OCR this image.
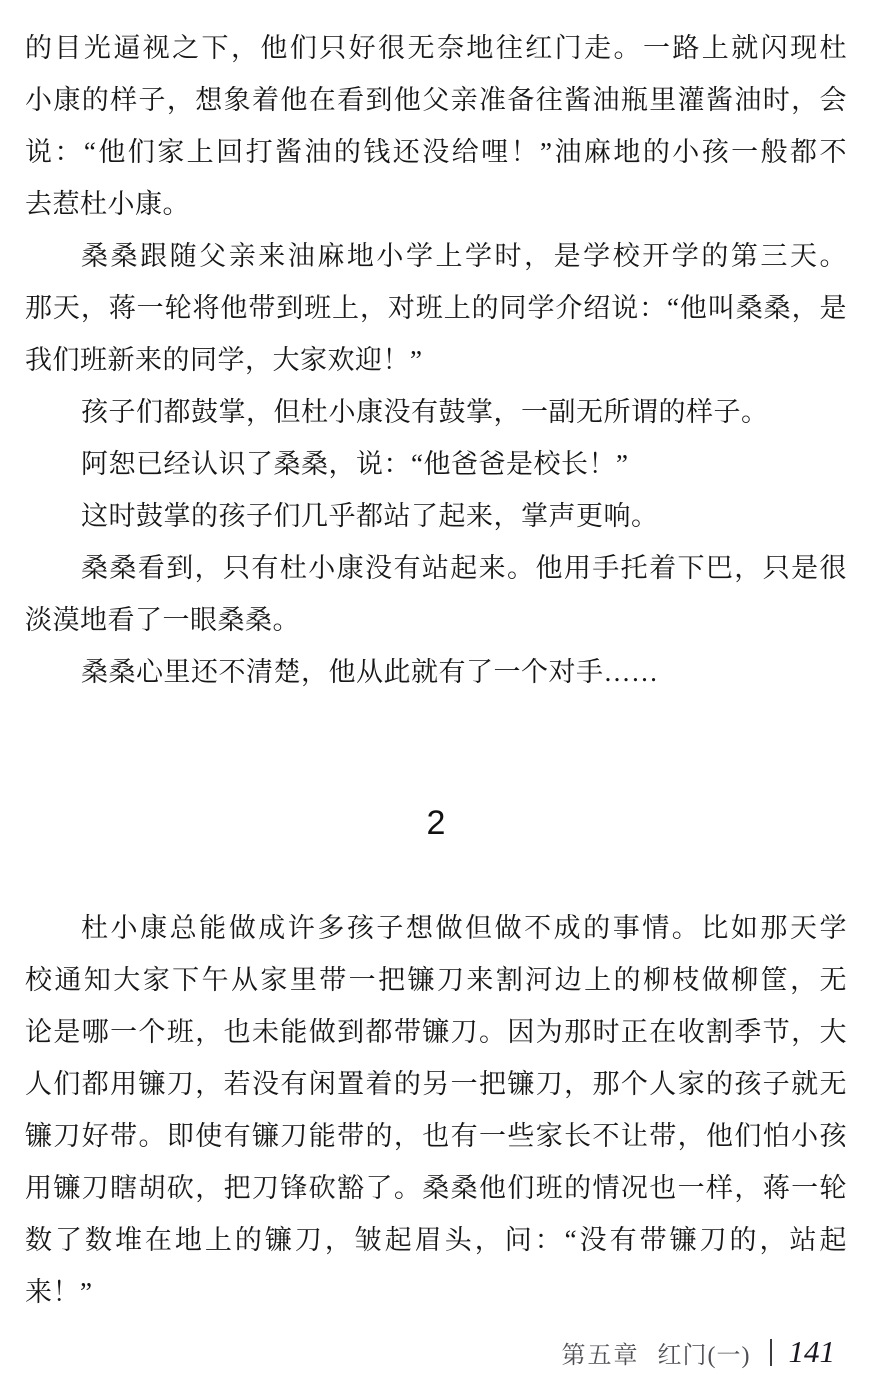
的目光逼视之下，他们只好很无奈地往红门走。一路上就闪现杜
小康的样子，想象着他在看到他父亲准备往酱油瓶里灌酱油时，会
说：“他们家上回打酱油的钱还没给哩！”油麻地的小孩一般都不
去惹杜小康。
桑桑跟随父亲来油麻地小学上学时，是学校开学的第三天。
那天，蒋一轮将他带到班上，对班上的同学介绍说：“他叫桑桑，是
我们班新来的同学，大家欢迎！”
孩子们都鼓掌，但杜小康没有鼓掌，一副无所谓的样子。
阿恕已经认识了桑桑，说：“他爸爸是校长！”
这时鼓掌的孩子们几乎都站了起来，掌声更响。
桑桑看到，只有杜小康没有站起来。他用手托着下巴，只是很
淡漠地看了一眼桑桑。
桑桑心里还不清楚，他从此就有了一个对手……
2
杜小康总能做成许多孩子想做但做不成的事情。比如那天学
校通知大家下午从家里带一把镰刀来割河边上的柳枝做柳筐，无
论是哪一个班，也未能做到都带镰刀。因为那时正在收割季节，大
人们都用镰刀，若没有闲置着的另一把镰刀，那个人家的孩子就无
镰刀好带。即使有镰刀能带的，也有一些家长不让带，他们怕小孩
用镰刀瞎胡砍，把刀锋砍豁了。桑桑他们班的情况也一样，蒋一轮
数了数堆在地上的镰刀，皱起眉头，问：“没有带镰刀的，站起来！”
第五章 红门(一) 141
